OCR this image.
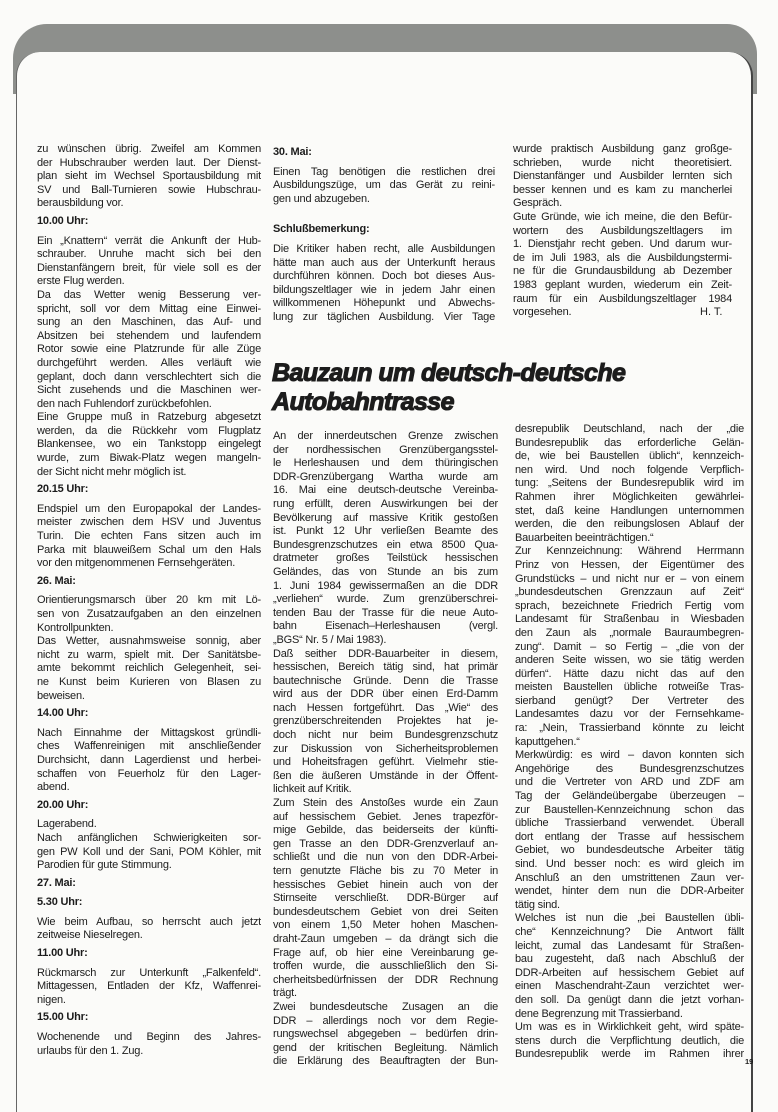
zu wünschen übrig. Zweifel am Kommen
der Hubschrauber werden laut. Der Dienst-
plan sieht im Wechsel Sportausbildung mit
SV und Ball-Turnieren sowie Hubschrau-
berausbildung vor.
10.00 Uhr:
Ein „Knattern“ verrät die Ankunft der Hub-
schrauber. Unruhe macht sich bei den
Dienstanfängern breit, für viele soll es der
erste Flug werden.
Da das Wetter wenig Besserung ver-
spricht, soll vor dem Mittag eine Einwei-
sung an den Maschinen, das Auf- und
Absitzen bei stehendem und laufendem
Rotor sowie eine Platzrunde für alle Züge
durchgeführt werden. Alles verläuft wie
geplant, doch dann verschlechtert sich die
Sicht zusehends und die Maschinen wer-
den nach Fuhlendorf zurückbefohlen.
Eine Gruppe muß in Ratzeburg abgesetzt
werden, da die Rückkehr vom Flugplatz
Blankensee, wo ein Tankstopp eingelegt
wurde, zum Biwak-Platz wegen mangeln-
der Sicht nicht mehr möglich ist.
20.15 Uhr:
Endspiel um den Europapokal der Landes-
meister zwischen dem HSV und Juventus
Turin. Die echten Fans sitzen auch im
Parka mit blauweißem Schal um den Hals
vor den mitgenommenen Fernsehgeräten.
26. Mai:
Orientierungsmarsch über 20 km mit Lö-
sen von Zusatzaufgaben an den einzelnen
Kontrollpunkten.
Das Wetter, ausnahmsweise sonnig, aber
nicht zu warm, spielt mit. Der Sanitätsbe-
amte bekommt reichlich Gelegenheit, sei-
ne Kunst beim Kurieren von Blasen zu
beweisen.
14.00 Uhr:
Nach Einnahme der Mittagskost gründli-
ches Waffenreinigen mit anschließender
Durchsicht, dann Lagerdienst und herbei-
schaffen von Feuerholz für den Lager-
abend.
20.00 Uhr:
Lagerabend.
Nach anfänglichen Schwierigkeiten sor-
gen PW Koll und der Sani, POM Köhler, mit
Parodien für gute Stimmung.
27. Mai:
5.30 Uhr:
Wie beim Aufbau, so herrscht auch jetzt
zeitweise Nieselregen.
11.00 Uhr:
Rückmarsch zur Unterkunft „Falkenfeld“.
Mittagessen, Entladen der Kfz, Waffenrei-
nigen.
15.00 Uhr:
Wochenende und Beginn des Jahres-
urlaubs für den 1. Zug.
30. Mai:
Einen Tag benötigen die restlichen drei
Ausbildungszüge, um das Gerät zu reini-
gen und abzugeben.
Schlußbemerkung:
Die Kritiker haben recht, alle Ausbildungen
hätte man auch aus der Unterkunft heraus
durchführen können. Doch bot dieses Aus-
bildungszeltlager wie in jedem Jahr einen
willkommenen Höhepunkt und Abwechs-
lung zur täglichen Ausbildung. Vier Tage
wurde praktisch Ausbildung ganz großge-
schrieben, wurde nicht theoretisiert.
Dienstanfänger und Ausbilder lernten sich
besser kennen und es kam zu mancherlei
Gespräch.
Gute Gründe, wie ich meine, die den Befür-
wortern des Ausbildungszeltlagers im
1. Dienstjahr recht geben. Und darum wur-
de im Juli 1983, als die Ausbildungstermi-
ne für die Grundausbildung ab Dezember
1983 geplant wurden, wiederum ein Zeit-
raum für ein Ausbildungszeltlager 1984
vorgesehen.	H. T.
Bauzaun um deutsch-deutsche
Autobahntrasse
An der innerdeutschen Grenze zwischen
der nordhessischen Grenzübergangsstel-
le Herleshausen und dem thüringischen
DDR-Grenzübergang Wartha wurde am
16. Mai eine deutsch-deutsche Vereinba-
rung erfüllt, deren Auswirkungen bei der
Bevölkerung auf massive Kritik gestoßen
ist. Punkt 12 Uhr verließen Beamte des
Bundesgrenzschutzes ein etwa 8500 Qua-
dratmeter großes Teilstück hessischen
Geländes, das von Stunde an bis zum
1. Juni 1984 gewissermaßen an die DDR
„verliehen“ wurde. Zum grenzüberschrei-
tenden Bau der Trasse für die neue Auto-
bahn Eisenach–Herleshausen (vergl.
„BGS“ Nr. 5 / Mai 1983).
Daß seither DDR-Bauarbeiter in diesem,
hessischen, Bereich tätig sind, hat primär
bautechnische Gründe. Denn die Trasse
wird aus der DDR über einen Erd-Damm
nach Hessen fortgeführt. Das „Wie“ des
grenzüberschreitenden Projektes hat je-
doch nicht nur beim Bundesgrenzschutz
zur Diskussion von Sicherheitsproblemen
und Hoheitsfragen geführt. Vielmehr stie-
ßen die äußeren Umstände in der Öffent-
lichkeit auf Kritik.
Zum Stein des Anstoßes wurde ein Zaun
auf hessischem Gebiet. Jenes trapezför-
mige Gebilde, das beiderseits der künfti-
gen Trasse an den DDR-Grenzverlauf an-
schließt und die nun von den DDR-Arbei-
tern genutzte Fläche bis zu 70 Meter in
hessisches Gebiet hinein auch von der
Stirnseite verschließt. DDR-Bürger auf
bundesdeutschem Gebiet von drei Seiten
von einem 1,50 Meter hohen Maschen-
draht-Zaun umgeben – da drängt sich die
Frage auf, ob hier eine Vereinbarung ge-
troffen wurde, die ausschließlich den Si-
cherheitsbedürfnissen der DDR Rechnung
trägt.
Zwei bundesdeutsche Zusagen an die
DDR – allerdings noch vor dem Regie-
rungswechsel abgegeben – bedürfen drin-
gend der kritischen Begleitung. Nämlich
die Erklärung des Beauftragten der Bun-
desrepublik Deutschland, nach der „die
Bundesrepublik das erforderliche Gelän-
de, wie bei Baustellen üblich“, kennzeich-
nen wird. Und noch folgende Verpflich-
tung: „Seitens der Bundesrepublik wird im
Rahmen ihrer Möglichkeiten gewährlei-
stet, daß keine Handlungen unternommen
werden, die den reibungslosen Ablauf der
Bauarbeiten beeinträchtigen.“
Zur Kennzeichnung: Während Herrmann
Prinz von Hessen, der Eigentümer des
Grundstücks – und nicht nur er – von einem
„bundesdeutschen Grenzzaun auf Zeit“
sprach, bezeichnete Friedrich Fertig vom
Landesamt für Straßenbau in Wiesbaden
den Zaun als „normale Bauraumbegren-
zung“. Damit – so Fertig – „die von der
anderen Seite wissen, wo sie tätig werden
dürfen“. Hätte dazu nicht das auf den
meisten Baustellen übliche rotweiße Tras-
sierband genügt? Der Vertreter des
Landesamtes dazu vor der Fernsehkame-
ra: „Nein, Trassierband könnte zu leicht
kaputtgehen.“
Merkwürdig: es wird – davon konnten sich
Angehörige des Bundesgrenzschutzes
und die Vertreter von ARD und ZDF am
Tag der Geländeübergabe überzeugen –
zur Baustellen-Kennzeichnung schon das
übliche Trassierband verwendet. Überall
dort entlang der Trasse auf hessischem
Gebiet, wo bundesdeutsche Arbeiter tätig
sind. Und besser noch: es wird gleich im
Anschluß an den umstrittenen Zaun ver-
wendet, hinter dem nun die DDR-Arbeiter
tätig sind.
Welches ist nun die „bei Baustellen übli-
che“ Kennzeichnung? Die Antwort fällt
leicht, zumal das Landesamt für Straßen-
bau zugesteht, daß nach Abschluß der
DDR-Arbeiten auf hessischem Gebiet auf
einen Maschendraht-Zaun verzichtet wer-
den soll. Da genügt dann die jetzt vorhan-
dene Begrenzung mit Trassierband.
Um was es in Wirklichkeit geht, wird späte-
stens durch die Verpflichtung deutlich, die
Bundesrepublik werde im Rahmen ihrer
19
